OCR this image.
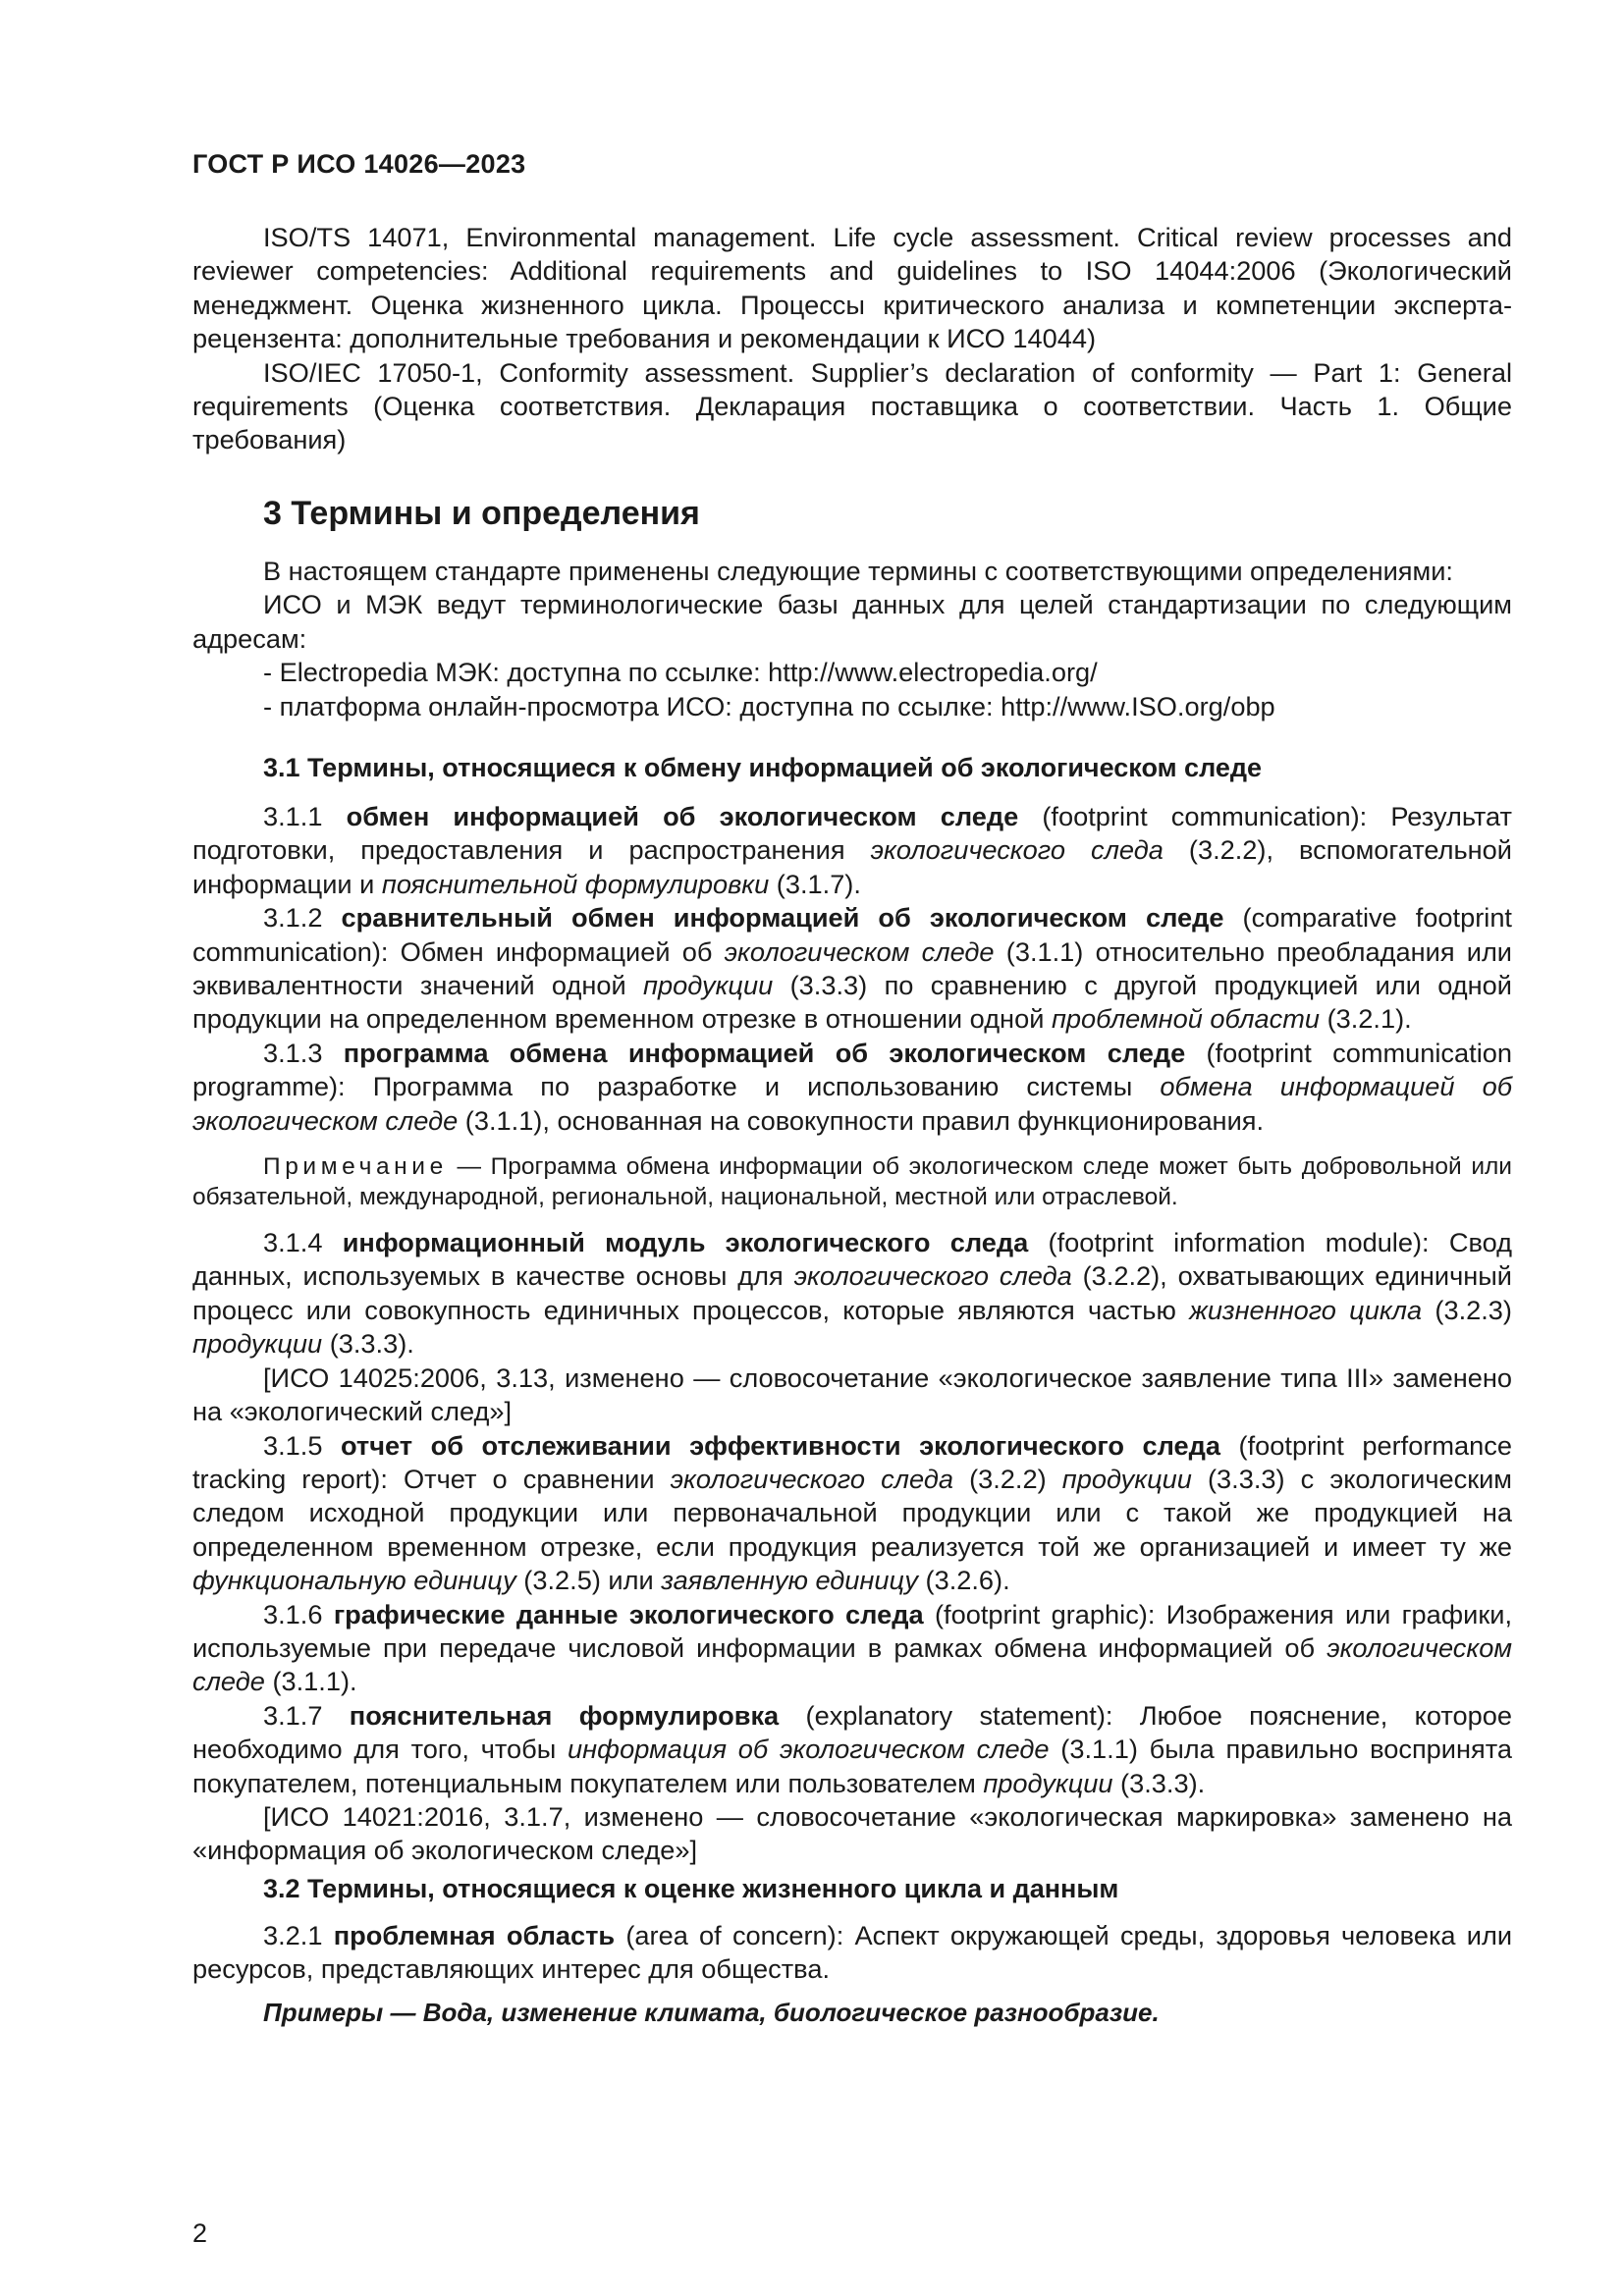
ГОСТ Р ИСО 14026—2023

ISO/TS 14071, Environmental management. Life cycle assessment. Critical review processes and reviewer competencies: Additional requirements and guidelines to ISO 14044:2006 (Экологический менеджмент. Оценка жизненного цикла. Процессы критического анализа и компетенции эксперта-рецензента: дополнительные требования и рекомендации к ИСО 14044)

ISO/IEC 17050-1, Conformity assessment. Supplier’s declaration of conformity — Part 1: General requirements (Оценка соответствия. Декларация поставщика о соответствии. Часть 1. Общие требования)

3 Термины и определения

В настоящем стандарте применены следующие термины с соответствующими определениями:

ИСО и МЭК ведут терминологические базы данных для целей стандартизации по следующим адресам:

- Electropedia МЭК: доступна по ссылке: http://www.electropedia.org/

- платформа онлайн-просмотра ИСО: доступна по ссылке: http://www.ISO.org/obp

3.1 Термины, относящиеся к обмену информацией об экологическом следе

3.1.1 обмен информацией об экологическом следе (footprint communication): Результат подготовки, предоставления и распространения экологического следа (3.2.2), вспомогательной информации и пояснительной формулировки (3.1.7).

3.1.2 сравнительный обмен информацией об экологическом следе (comparative footprint communication): Обмен информацией об экологическом следе (3.1.1) относительно преобладания или эквивалентности значений одной продукции (3.3.3) по сравнению с другой продукцией или одной продукции на определенном временном отрезке в отношении одной проблемной области (3.2.1).

3.1.3 программа обмена информацией об экологическом следе (footprint communication programme): Программа по разработке и использованию системы обмена информацией об экологическом следе (3.1.1), основанная на совокупности правил функционирования.

Примечание — Программа обмена информации об экологическом следе может быть добровольной или обязательной, международной, региональной, национальной, местной или отраслевой.

3.1.4 информационный модуль экологического следа (footprint information module): Свод данных, используемых в качестве основы для экологического следа (3.2.2), охватывающих единичный процесс или совокупность единичных процессов, которые являются частью жизненного цикла (3.2.3) продукции (3.3.3).

[ИСО 14025:2006, 3.13, изменено — словосочетание «экологическое заявление типа III» заменено на «экологический след»]

3.1.5 отчет об отслеживании эффективности экологического следа (footprint performance tracking report): Отчет о сравнении экологического следа (3.2.2) продукции (3.3.3) с экологическим следом исходной продукции или первоначальной продукции или с такой же продукцией на определенном временном отрезке, если продукция реализуется той же организацией и имеет ту же функциональную единицу (3.2.5) или заявленную единицу (3.2.6).

3.1.6 графические данные экологического следа (footprint graphic): Изображения или графики, используемые при передаче числовой информации в рамках обмена информацией об экологическом следе (3.1.1).

3.1.7 пояснительная формулировка (explanatory statement): Любое пояснение, которое необходимо для того, чтобы информация об экологическом следе (3.1.1) была правильно воспринята покупателем, потенциальным покупателем или пользователем продукции (3.3.3).

[ИСО 14021:2016, 3.1.7, изменено — словосочетание «экологическая маркировка» заменено на «информация об экологическом следе»]

3.2 Термины, относящиеся к оценке жизненного цикла и данным

3.2.1 проблемная область (area of concern): Аспект окружающей среды, здоровья человека или ресурсов, представляющих интерес для общества.

Примеры — Вода, изменение климата, биологическое разнообразие.
2
